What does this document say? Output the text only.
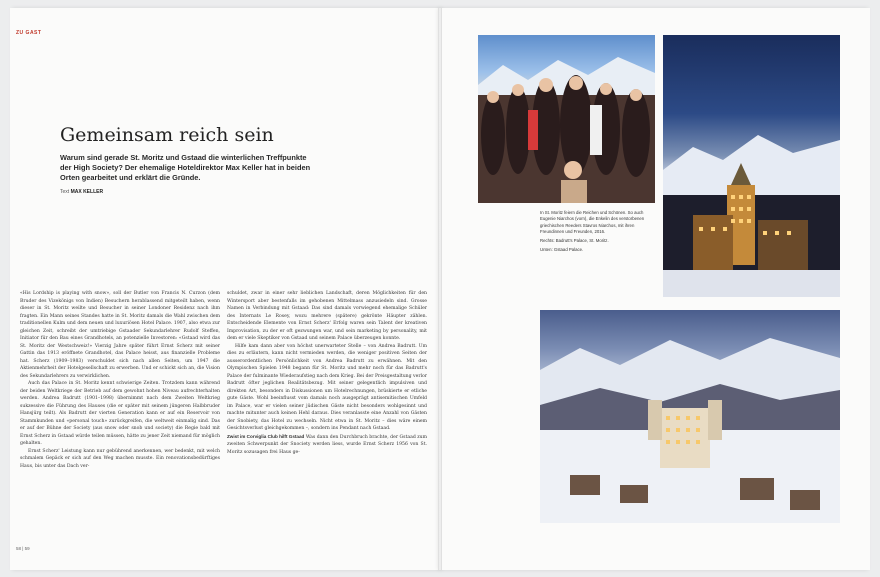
ZU GAST
Gemeinsam reich sein

Warum sind gerade St. Moritz und Gstaad die winterlichen Treffpunkte der High Society? Der ehemalige Hoteldirektor Max Keller hat in beiden Orten gearbeitet und erklärt die Gründe.

Text MAX KELLER

«His Lordship is playing with snow», soll der Butler von Francis N. Curzon (dem Bruder des Vizekönigs von Indien) Besuchern herablassend mitgeteilt haben, wenn dieser in St. Moritz weilte und Besucher in seiner Londoner Residenz nach ihm fragten. Ein Mann seines Standes hatte in St. Moritz damals die Wahl zwischen dem traditionellen Kulm und dem neuen und luxuriösen Hotel Palace. 1907, also etwa zur gleichen Zeit, schreibt der umtriebige Gstaader Sekundarlehrer Rudolf Steffen, Initiator für den Bau eines Grandhotels, an potenzielle Investoren: «Gstaad wird das St. Moritz der Westschweiz!» Vierzig Jahre später führt Ernst Scherz mit seiner Gattin das 1913 eröffnete Grandhotel, das Palace heisst, aus finanzielle Probleme hat. Scherz (1909–1983) verschuldet sich nach allen Seiten, um 1947 die Aktienmehrheit der Hotelgesellschaft zu erwerben. Und er schickt sich an, die Vision des Sekundarlehrers zu verwirklichen.

Auch das Palace in St. Moritz kennt schwierige Zeiten. Trotzdem kann während der beiden Weltkriege der Betrieb auf dem gewohnt hohen Niveau aufrechterhalten werden. Andrea Badrutt (1901–1998) übernimmt nach dem Zweiten Weltkrieg sukzessive die Führung des Hauses (die er später mit seinem jüngeren Halbbruder Hansjürg teilt). Als Badrutt der vierten Generation kann er auf ein Reservoir von Stammkunden und «personal touch» zurückgreifen, die weltweit einmalig sind. Das er auf der Bühne der Society (aus snow oder snob und society) die Regie bald mit Ernst Scherz in Gstaad würde teilen müssen, hätte zu jener Zeit niemand für möglich gehalten.

Ernst Scherz' Leistung kann nur gebührend anerkennen, wer bedenkt, mit welch schmalem Gepäck er sich auf den Weg machen musste. Ein renovationsbedürftiges Haus, bis unter das Dach ver-

schuldet, zwar in einer sehr lieblichen Landschaft, deren Möglichkeiten für den Wintersport aber bestenfalls im gehobenen Mittelmass anzusiedeln sind. Grosse Namen in Verbindung mit Gstaad: Das sind damals vorwiegend ehemalige Schüler des Internats Le Rosey, wozu mehrere (spätere) gekrönte Häupter zählen. Entscheidende Elemente von Ernst Scherz' Erfolg waren sein Talent der kreativen Improvisation, zu der er oft gezwungen war, und sein marketing by personality, mit dem er viele Skeptiker von Gstaad und seinem Palace überzeugen konnte.

Hilfe kam dann aber von höchst unerwarteter Stelle – von Andrea Badrutt. Um dies zu erläutern, kann nicht vermieden werden, die weniger positiven Seiten der ausserordentlichen Persönlichkeit von Andrea Badrutt zu erwähnen. Mit den Olympischen Spielen 1948 begann für St. Moritz und mehr noch für das Badrutt's Palace der fulminante Wiederaufstieg nach dem Krieg. Bei der Preisgestaltung verlor Badrutt öfter jeglichen Realitätsbezug. Mit seiner gelegentlich impulsiven und direkten Art, besonders in Diskussionen um Hotelrechnungen, brüskierte er etliche gute Gäste. Wohl beeinflusst vom damals noch ausgeprägt antisemitischen Umfeld im Palace, war er vielen seiner jüdischen Gäste nicht besonders wohlgesinnt und machte mitunter auch keinen Hehl daraus. Dies veranlasste eine Anzahl von Gästen der Snobiety, das Hotel zu wechseln. Nicht etwa in St. Moritz – dies wäre einem Gesichtsverlust gleichgekommen –, sondern ins Pendant nach Gstaad.

Zwist im Corviglia Club hilft Gstaad Was dann den Durchbruch brachte, der Gstaad zum zweiten Schwerpunkt der Snociety werden liess, wurde Ernst Scherz 1956 von St. Moritz sozusagen frei Haus ge-

58 | 59

In St. Moritz feiern die Reichen und Schönen. So auch Eugenie Niarchos (vorn), die Enkelin des verstorbenen griechischen Reeders Stavros Niarchos, mit ihren Freundinnen und Freunden, 2016.

Rechts: Badrutt's Palace, St. Moritz.

Unten: Gstaad Palace.
